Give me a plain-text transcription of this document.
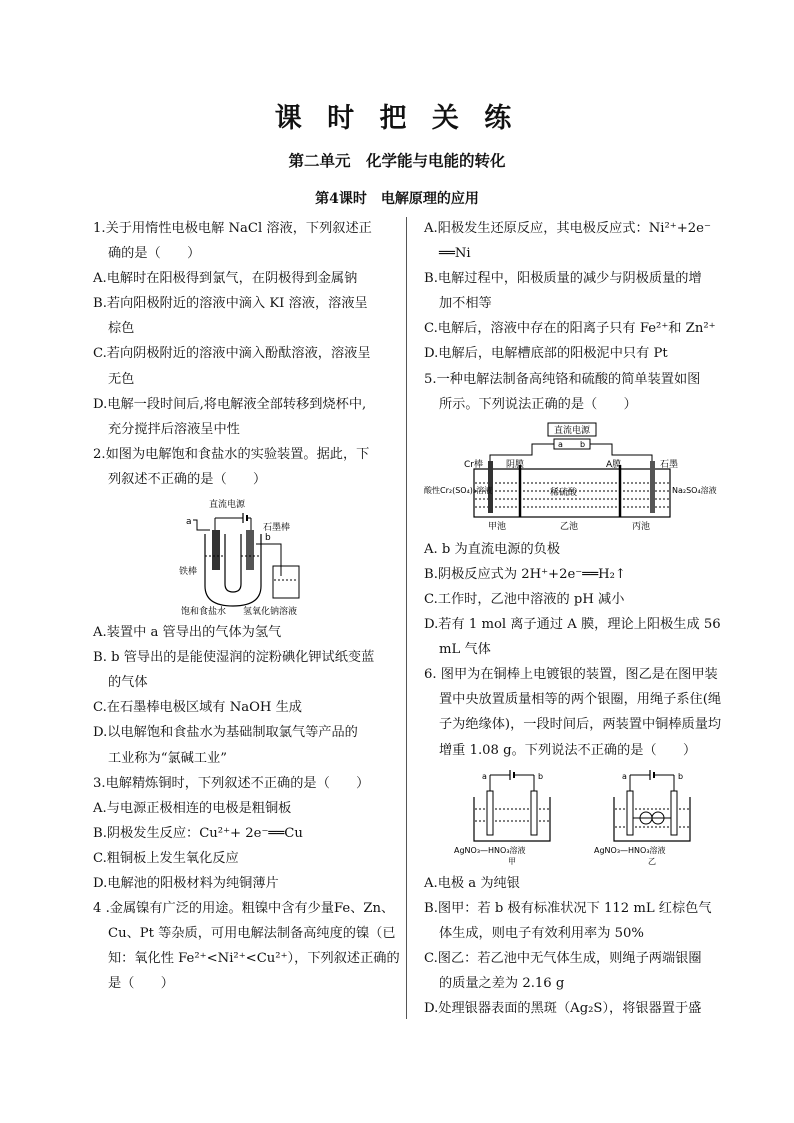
课 时 把 关 练
第二单元　化学能与电能的转化
第4课时　电解原理的应用
1.关于用惰性电极电解 NaCl 溶液，下列叙述正
确的是（　　）
A.电解时在阳极得到氯气，在阴极得到金属钠
B.若向阳极附近的溶液中滴入 KI 溶液，溶液呈
棕色
C.若向阴极附近的溶液中滴入酚酞溶液，溶液呈
无色
D.电解一段时间后,将电解液全部转移到烧杯中,
充分搅拌后溶液呈中性
2.如图为电解饱和食盐水的实验装置。据此，下
列叙述不正确的是（　　）
直流电源
a
b
石墨棒
铁棒
饱和食盐水 氢氧化钠溶液
A.装置中 a 管导出的气体为氢气
B. b 管导出的是能使湿润的淀粉碘化钾试纸变蓝
的气体
C.在石墨棒电极区域有 NaOH 生成
D.以电解饱和食盐水为基础制取氯气等产品的
工业称为“氯碱工业”
3.电解精炼铜时，下列叙述不正确的是（　　）
A.与电源正极相连的电极是粗铜板
B.阴极发生反应：Cu²⁺+ 2e⁻══Cu
C.粗铜板上发生氧化反应
D.电解池的阳极材料为纯铜薄片
4 .金属镍有广泛的用途。粗镍中含有少量Fe、Zn、
Cu、Pt 等杂质，可用电解法制备高纯度的镍（已
知：氧化性 Fe²⁺<Ni²⁺<Cu²⁺），下列叙述正确的
是（　　）
A.阳极发生还原反应，其电极反应式：Ni²⁺+2e⁻
══Ni
B.电解过程中，阳极质量的减少与阴极质量的增
加不相等
C.电解后，溶液中存在的阳离子只有 Fe²⁺和 Zn²⁺
D.电解后，电解槽底部的阳极泥中只有 Pt
5.一种电解法制备高纯铬和硫酸的简单装置如图
所示。下列说法正确的是（　　）
直流电源
a b
Cr棒	阴膜	A膜	石墨
酸性Cr₂(SO₄)₃溶液	稀硫酸	Na₂SO₄溶液
甲池	乙池	丙池
A. b 为直流电源的负极
B.阴极反应式为 2H⁺+2e⁻══H₂↑
C.工作时，乙池中溶液的 pH 减小
D.若有 1 mol 离子通过 A 膜，理论上阳极生成 56
mL 气体
6. 图甲为在铜棒上电镀银的装置，图乙是在图甲装
置中央放置质量相等的两个银圈，用绳子系住(绳
子为绝缘体)，一段时间后，两装置中铜棒质量均
增重 1.08 g。下列说法不正确的是（　　）
a	b
AgNO₃—HNO₃溶液
甲
a	b
AgNO₃—HNO₃溶液
乙
A.电极 a 为纯银
B.图甲：若 b 极有标准状况下 112 mL 红棕色气
体生成，则电子有效利用率为 50%
C.图乙：若乙池中无气体生成，则绳子两端银圈
的质量之差为 2.16 g
D.处理银器表面的黑斑（Ag₂S），将银器置于盛
